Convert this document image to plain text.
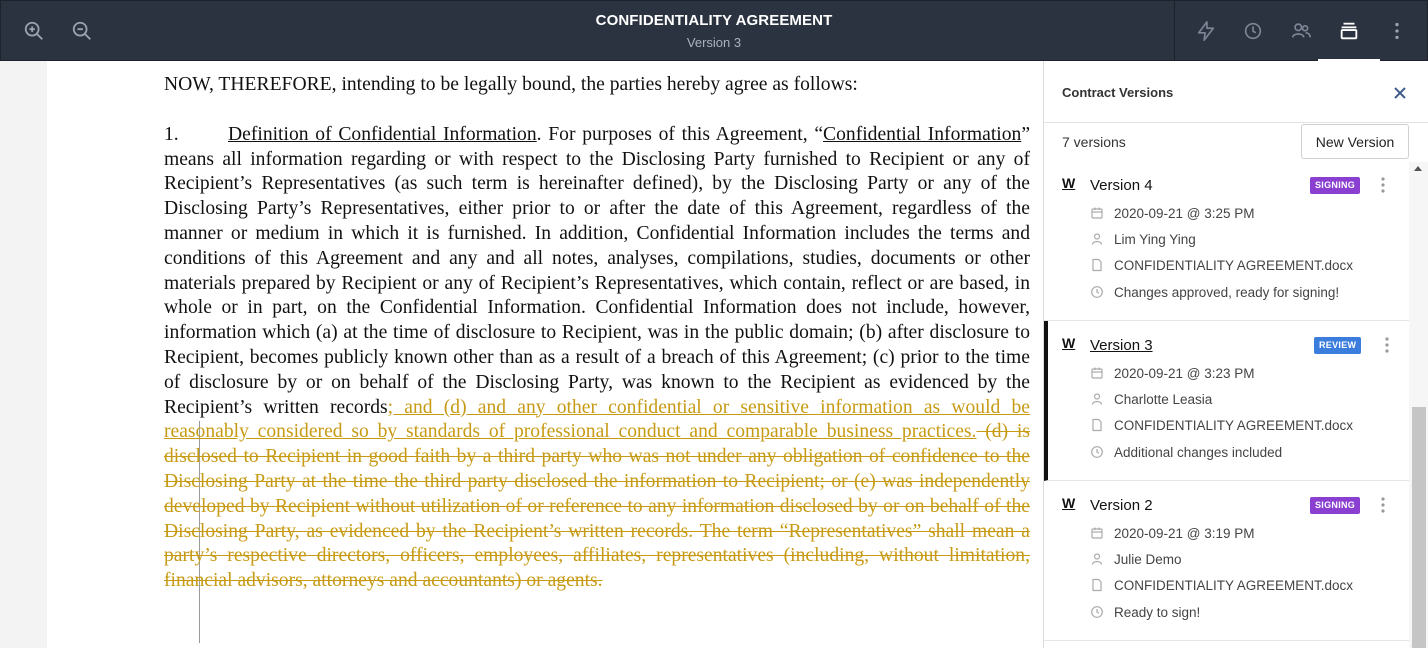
CONFIDENTIALITY AGREEMENT
Version 3

NOW, THEREFORE, intending to be legally bound, the parties hereby agree as follows:

1.	Definition of Confidential Information. For purposes of this Agreement, “Confidential Information” means all information regarding or with respect to the Disclosing Party furnished to Recipient or any of Recipient’s Representatives (as such term is hereinafter defined), by the Disclosing Party or any of the Disclosing Party’s Representatives, either prior to or after the date of this Agreement, regardless of the manner or medium in which it is furnished. In addition, Confidential Information includes the terms and conditions of this Agreement and any and all notes, analyses, compilations, studies, documents or other materials prepared by Recipient or any of Recipient’s Representatives, which contain, reflect or are based, in whole or in part, on the Confidential Information. Confidential Information does not include, however, information which (a) at the time of disclosure to Recipient, was in the public domain; (b) after disclosure to Recipient, becomes publicly known other than as a result of a breach of this Agreement; (c) prior to the time of disclosure by or on behalf of the Disclosing Party, was known to the Recipient as evidenced by the Recipient’s written records; and (d) and any other confidential or sensitive information as would be reasonably considered so by standards of professional conduct and comparable business practices. (d) is disclosed to Recipient in good faith by a third party who was not under any obligation of confidence to the Disclosing Party at the time the third party disclosed the information to Recipient; or (e) was independently developed by Recipient without utilization of or reference to any information disclosed by or on behalf of the Disclosing Party, as evidenced by the Recipient’s written records. The term “Representatives” shall mean a party’s respective directors, officers, employees, affiliates, representatives (including, without limitation, financial advisors, attorneys and accountants) or agents.

Contract Versions
7 versions	New Version
W Version 4	SIGNING
2020-09-21 @ 3:25 PM
Lim Ying Ying
CONFIDENTIALITY AGREEMENT.docx
Changes approved, ready for signing!
W Version 3	REVIEW
2020-09-21 @ 3:23 PM
Charlotte Leasia
CONFIDENTIALITY AGREEMENT.docx
Additional changes included
W Version 2	SIGNING
2020-09-21 @ 3:19 PM
Julie Demo
CONFIDENTIALITY AGREEMENT.docx
Ready to sign!
